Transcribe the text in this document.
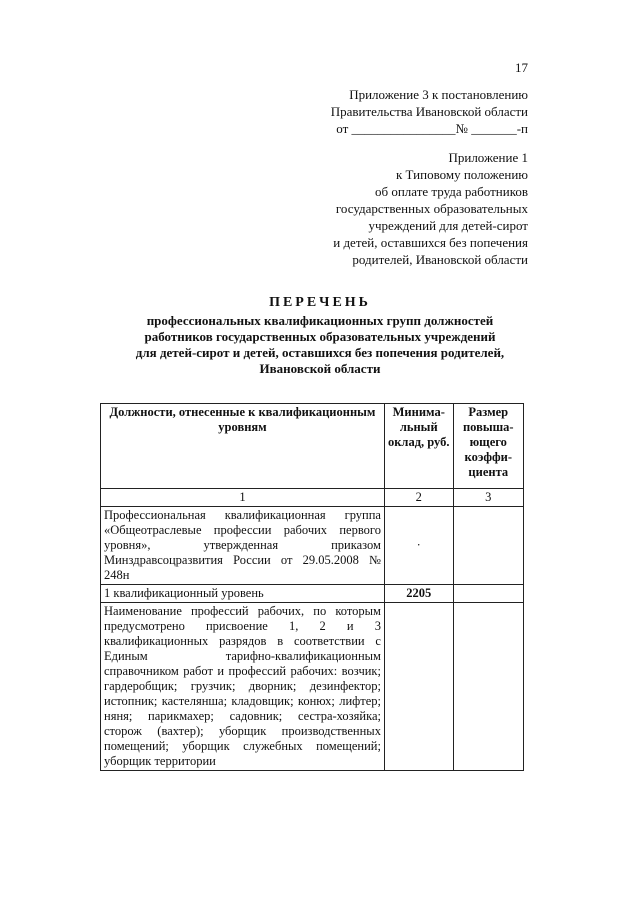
17
Приложение 3 к постановлению
Правительства Ивановской области
от ________________№ _______-п
Приложение 1
к Типовому положению
об оплате труда работников
государственных образовательных
учреждений для детей-сирот
и детей, оставшихся без попечения
родителей, Ивановской области
ПЕРЕЧЕНЬ
профессиональных квалификационных групп должностей
работников государственных образовательных учреждений
для детей-сирот и детей, оставшихся без попечения родителей,
Ивановской области
Должности, отнесенные к квалификационным уровням	Минима-льный оклад, руб.	Размер повыша-ющего коэффи-циента
1	2	3
Профессиональная квалификационная группа «Общеотраслевые профессии рабочих первого уровня», утвержденная приказом Минздравсоцразвития России от 29.05.2008 № 248н	·	
1 квалификационный уровень	2205	
Наименование профессий рабочих, по которым предусмотрено присвоение 1, 2 и 3 квалификационных разрядов в соответствии с Единым тарифно-квалификационным справочником работ и профессий рабочих: возчик; гардеробщик; грузчик; дворник; дезинфектор; истопник; кастелянша; кладовщик; конюх; лифтер; няня; парикмахер; садовник; сестра-хозяйка; сторож (вахтер); уборщик производственных помещений; уборщик служебных помещений; уборщик территории		
